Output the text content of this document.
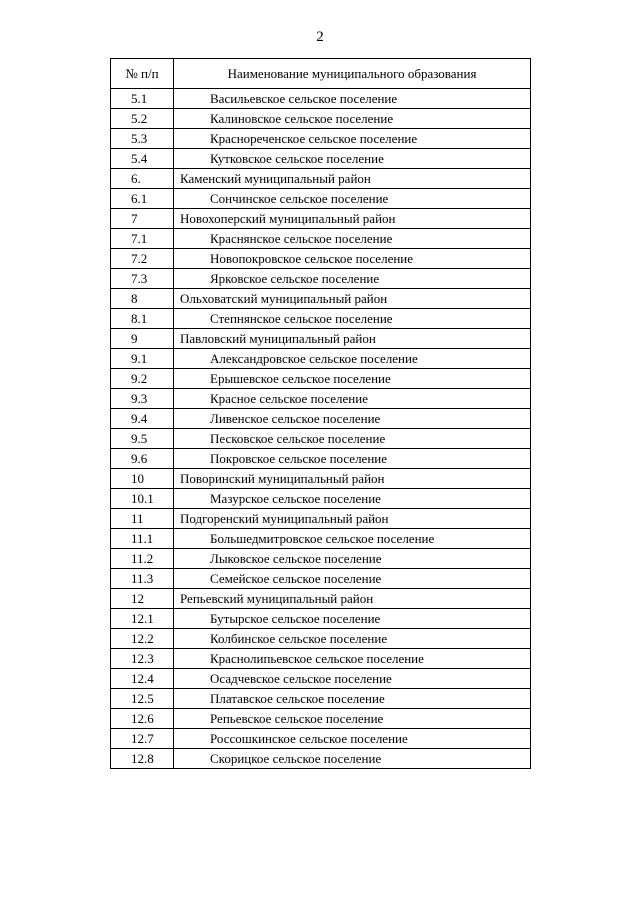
2
№ п/п	Наименование муниципального образования
5.1	Васильевское сельское поселение
5.2	Калиновское сельское поселение
5.3	Краснореченское сельское поселение
5.4	Кутковское сельское поселение
6.	Каменский муниципальный район
6.1	Сончинское сельское поселение
7	Новохоперский муниципальный район
7.1	Краснянское сельское поселение
7.2	Новопокровское сельское поселение
7.3	Ярковское сельское поселение
8	Ольховатский муниципальный район
8.1	Степнянское сельское поселение
9	Павловский муниципальный район
9.1	Александровское сельское поселение
9.2	Ерышевское сельское поселение
9.3	Красное сельское поселение
9.4	Ливенское сельское поселение
9.5	Песковское сельское поселение
9.6	Покровское сельское поселение
10	Поворинский муниципальный район
10.1	Мазурское сельское поселение
11	Подгоренский муниципальный район
11.1	Большедмитровское сельское поселение
11.2	Лыковское сельское поселение
11.3	Семейское сельское поселение
12	Репьевский муниципальный район
12.1	Бутырское сельское поселение
12.2	Колбинское сельское поселение
12.3	Краснолипьевское сельское поселение
12.4	Осадчевское сельское поселение
12.5	Платавское сельское поселение
12.6	Репьевское сельское поселение
12.7	Россошкинское сельское поселение
12.8	Скорицкое сельское поселение
